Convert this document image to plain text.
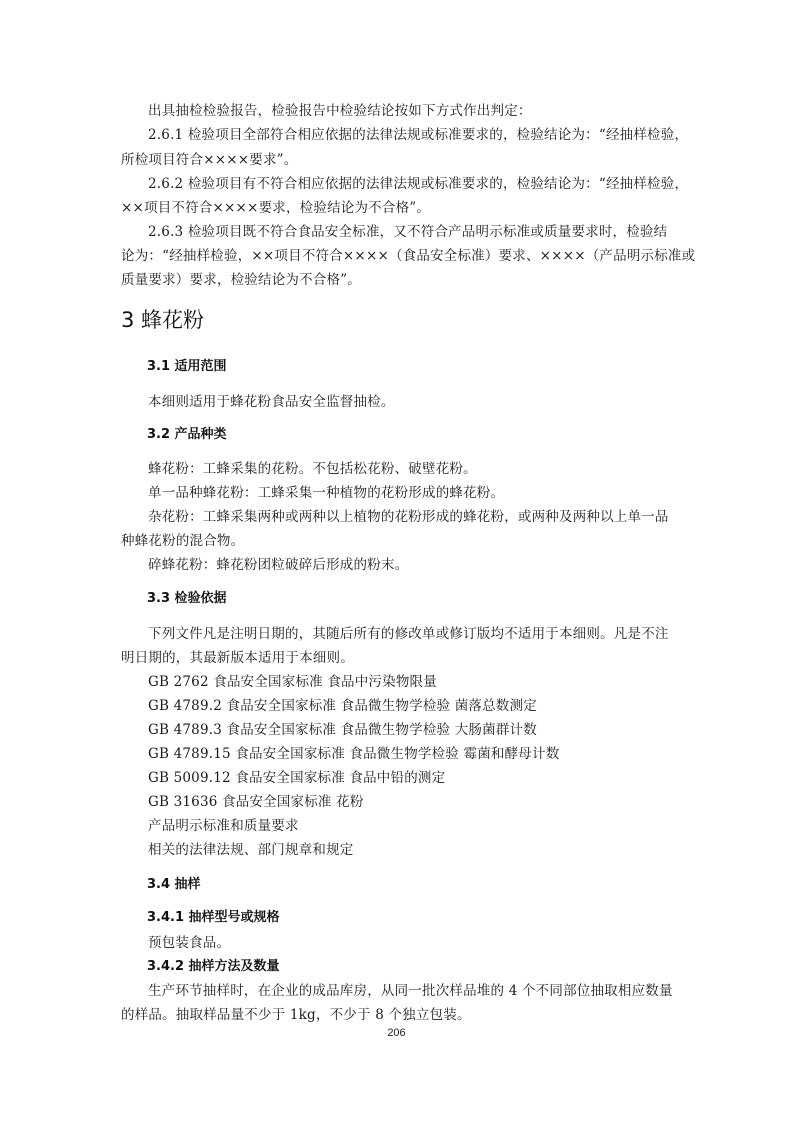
出具抽检检验报告，检验报告中检验结论按如下方式作出判定：
2.6.1 检验项目全部符合相应依据的法律法规或标准要求的，检验结论为：“经抽样检验，
所检项目符合××××要求”。
2.6.2 检验项目有不符合相应依据的法律法规或标准要求的，检验结论为：“经抽样检验，
××项目不符合××××要求，检验结论为不合格”。
2.6.3 检验项目既不符合食品安全标准，又不符合产品明示标准或质量要求时，检验结
论为：“经抽样检验，××项目不符合××××（食品安全标准）要求、××××（产品明示标准或
质量要求）要求，检验结论为不合格”。
3 蜂花粉
3.1 适用范围
本细则适用于蜂花粉食品安全监督抽检。
3.2 产品种类
蜂花粉：工蜂采集的花粉。不包括松花粉、破壁花粉。
单一品种蜂花粉：工蜂采集一种植物的花粉形成的蜂花粉。
杂花粉：工蜂采集两种或两种以上植物的花粉形成的蜂花粉，或两种及两种以上单一品
种蜂花粉的混合物。
碎蜂花粉：蜂花粉团粒破碎后形成的粉末。
3.3 检验依据
下列文件凡是注明日期的，其随后所有的修改单或修订版均不适用于本细则。凡是不注
明日期的，其最新版本适用于本细则。
GB 2762 食品安全国家标准 食品中污染物限量
GB 4789.2 食品安全国家标准 食品微生物学检验 菌落总数测定
GB 4789.3 食品安全国家标准 食品微生物学检验 大肠菌群计数
GB 4789.15 食品安全国家标准 食品微生物学检验 霉菌和酵母计数
GB 5009.12 食品安全国家标准 食品中铅的测定
GB 31636 食品安全国家标准 花粉
产品明示标准和质量要求
相关的法律法规、部门规章和规定
3.4 抽样
3.4.1 抽样型号或规格
预包装食品。
3.4.2 抽样方法及数量
生产环节抽样时，在企业的成品库房，从同一批次样品堆的 4 个不同部位抽取相应数量
的样品。抽取样品量不少于 1kg，不少于 8 个独立包装。
206
